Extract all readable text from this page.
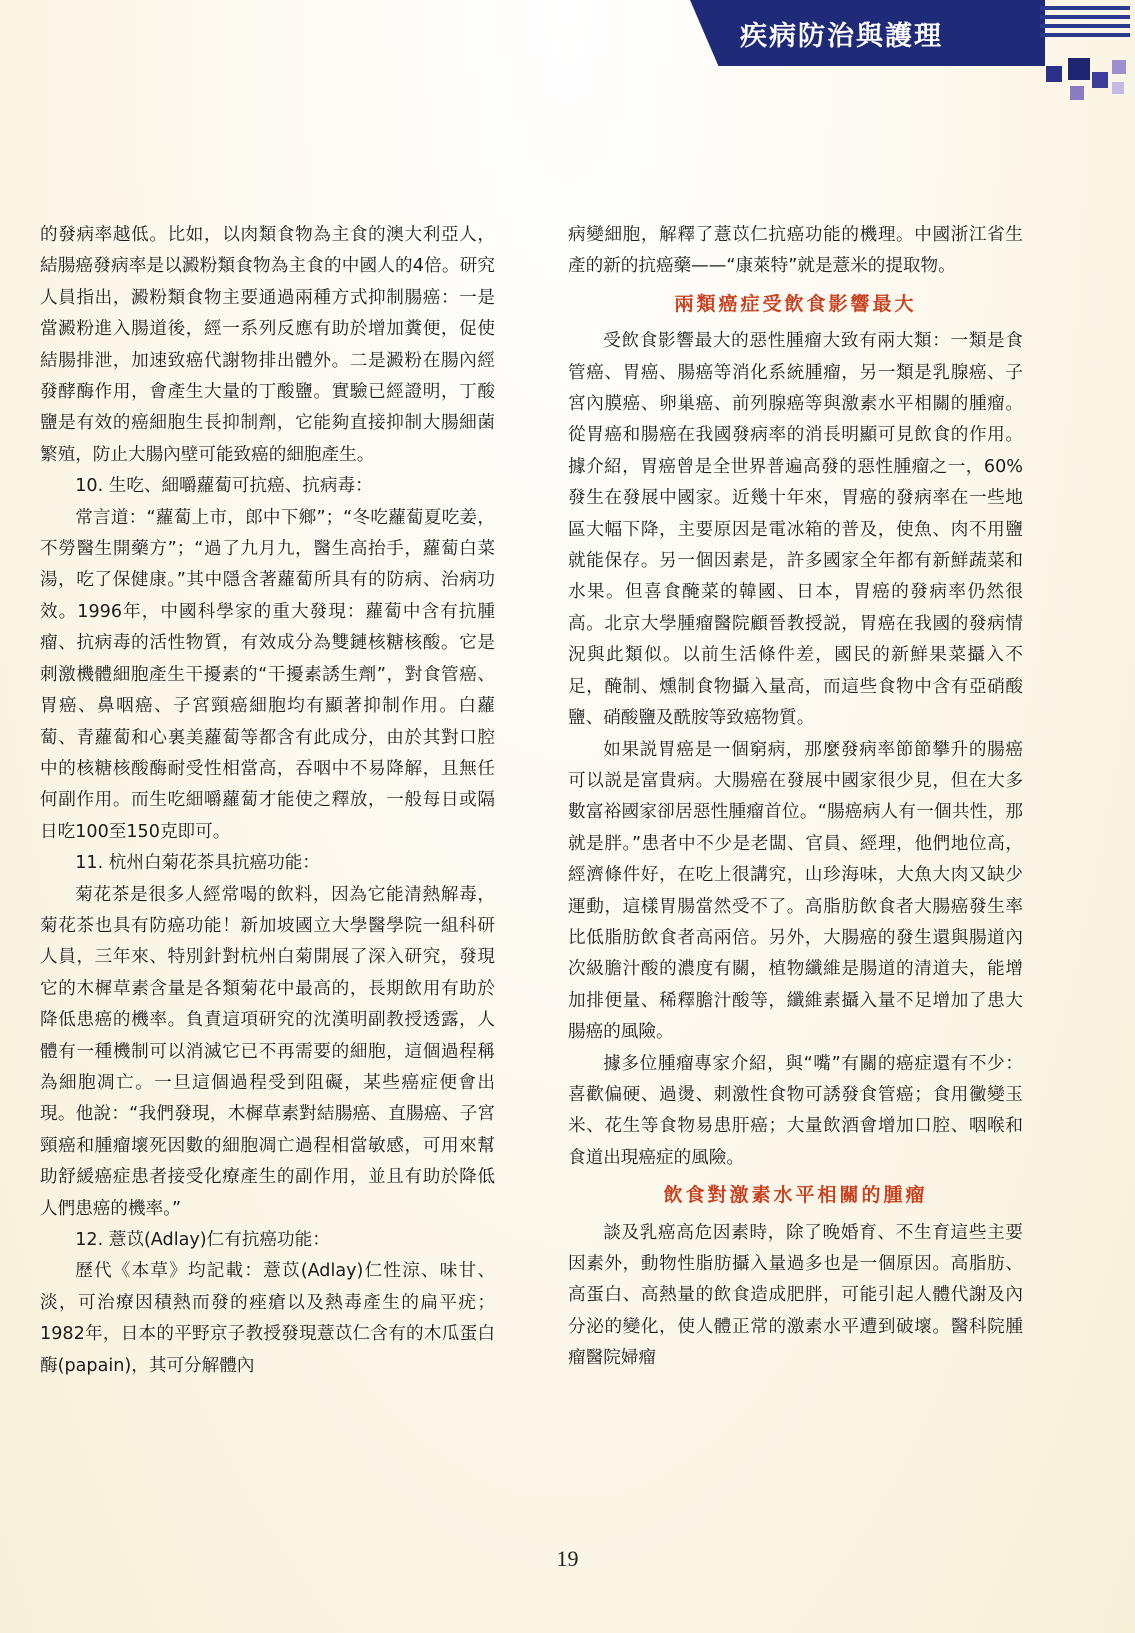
疾病防治與護理

的發病率越低。比如，以肉類食物為主食的澳大利亞人，結腸癌發病率是以澱粉類食物為主食的中國人的4倍。研究人員指出，澱粉類食物主要通過兩種方式抑制腸癌：一是當澱粉進入腸道後，經一系列反應有助於增加糞便，促使結腸排泄，加速致癌代謝物排出體外。二是澱粉在腸內經發酵酶作用，會產生大量的丁酸鹽。實驗已經證明，丁酸鹽是有效的癌細胞生長抑制劑，它能夠直接抑制大腸細菌繁殖，防止大腸內壁可能致癌的細胞產生。

10. 生吃、細嚼蘿蔔可抗癌、抗病毒：

常言道：“蘿蔔上市，郎中下鄉”；“冬吃蘿蔔夏吃姜，不勞醫生開藥方”；“過了九月九，醫生高抬手，蘿蔔白菜湯，吃了保健康。”其中隱含著蘿蔔所具有的防病、治病功效。1996年，中國科學家的重大發現：蘿蔔中含有抗腫瘤、抗病毒的活性物質，有效成分為雙鏈核糖核酸。它是刺激機體細胞產生干擾素的“干擾素誘生劑”，對食管癌、胃癌、鼻咽癌、子宮頸癌細胞均有顯著抑制作用。白蘿蔔、青蘿蔔和心裏美蘿蔔等都含有此成分，由於其對口腔中的核糖核酸酶耐受性相當高，吞咽中不易降解，且無任何副作用。而生吃細嚼蘿蔔才能使之釋放，一般每日或隔日吃100至150克即可。

11. 杭州白菊花茶具抗癌功能：

菊花茶是很多人經常喝的飲料，因為它能清熱解毒，菊花茶也具有防癌功能！新加坡國立大學醫學院一組科研人員，三年來、特別針對杭州白菊開展了深入研究，發現它的木樨草素含量是各類菊花中最高的，長期飲用有助於降低患癌的機率。負責這項研究的沈漢明副教授透露，人體有一種機制可以消滅它已不再需要的細胞，這個過程稱為細胞凋亡。一旦這個過程受到阻礙，某些癌症便會出現。他說：“我們發現，木樨草素對結腸癌、直腸癌、子宮頸癌和腫瘤壞死因數的細胞凋亡過程相當敏感，可用來幫助舒緩癌症患者接受化療產生的副作用，並且有助於降低人們患癌的機率。”

12. 薏苡(Adlay)仁有抗癌功能：

歷代《本草》均記載：薏苡(Adlay)仁性涼、味甘、淡，可治療因積熱而發的痤瘡以及熱毒產生的扁平疣；1982年，日本的平野京子教授發現薏苡仁含有的木瓜蛋白酶(papain)，其可分解體內

病變細胞，解釋了薏苡仁抗癌功能的機理。中國浙江省生產的新的抗癌藥——“康萊特”就是薏米的提取物。

兩類癌症受飲食影響最大

受飲食影響最大的惡性腫瘤大致有兩大類：一類是食管癌、胃癌、腸癌等消化系統腫瘤，另一類是乳腺癌、子宮內膜癌、卵巢癌、前列腺癌等與激素水平相關的腫瘤。從胃癌和腸癌在我國發病率的消長明顯可見飲食的作用。據介紹，胃癌曾是全世界普遍高發的惡性腫瘤之一，60%發生在發展中國家。近幾十年來，胃癌的發病率在一些地區大幅下降，主要原因是電冰箱的普及，使魚、肉不用鹽就能保存。另一個因素是，許多國家全年都有新鮮蔬菜和水果。但喜食醃菜的韓國、日本，胃癌的發病率仍然很高。北京大學腫瘤醫院顧晉教授説，胃癌在我國的發病情況與此類似。以前生活條件差，國民的新鮮果菜攝入不足，醃制、燻制食物攝入量高，而這些食物中含有亞硝酸鹽、硝酸鹽及酰胺等致癌物質。

如果説胃癌是一個窮病，那麼發病率節節攀升的腸癌可以説是富貴病。大腸癌在發展中國家很少見，但在大多數富裕國家卻居惡性腫瘤首位。“腸癌病人有一個共性，那就是胖。”患者中不少是老闆、官員、經理，他們地位高，經濟條件好，在吃上很講究，山珍海味，大魚大肉又缺少運動，這樣胃腸當然受不了。高脂肪飲食者大腸癌發生率比低脂肪飲食者高兩倍。另外，大腸癌的發生還與腸道內次級膽汁酸的濃度有關，植物纖維是腸道的清道夫，能增加排便量、稀釋膽汁酸等，纖維素攝入量不足增加了患大腸癌的風險。

據多位腫瘤專家介紹，與“嘴”有關的癌症還有不少：喜歡偏硬、過燙、刺激性食物可誘發食管癌；食用黴變玉米、花生等食物易患肝癌；大量飲酒會增加口腔、咽喉和食道出現癌症的風險。

飲食對激素水平相關的腫瘤

談及乳癌高危因素時，除了晚婚育、不生育這些主要因素外，動物性脂肪攝入量過多也是一個原因。高脂肪、高蛋白、高熱量的飲食造成肥胖，可能引起人體代謝及內分泌的變化，使人體正常的激素水平遭到破壞。醫科院腫瘤醫院婦瘤

19
